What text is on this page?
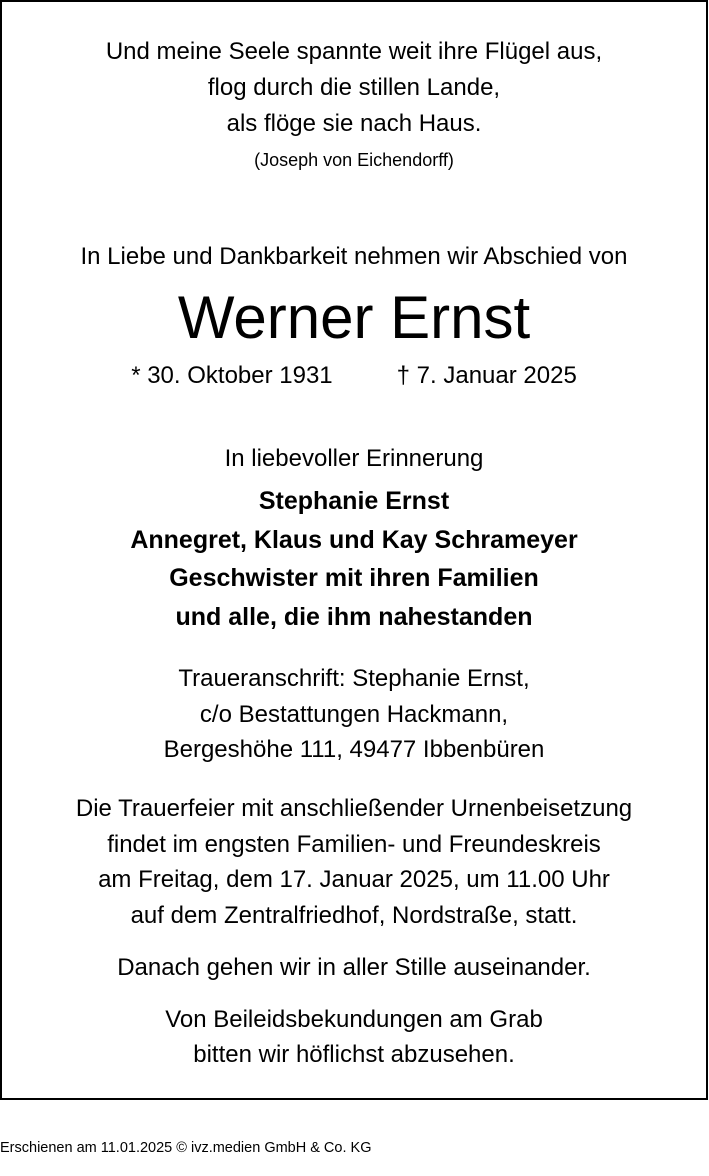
Und meine Seele spannte weit ihre Flügel aus,
flog durch die stillen Lande,
als flöge sie nach Haus.
(Joseph von Eichendorff)
In Liebe und Dankbarkeit nehmen wir Abschied von
Werner Ernst
* 30. Oktober 1931	† 7. Januar 2025
In liebevoller Erinnerung
Stephanie Ernst
Annegret, Klaus und Kay Schrameyer
Geschwister mit ihren Familien
und alle, die ihm nahestanden
Traueranschrift: Stephanie Ernst,
c/o Bestattungen Hackmann,
Bergeshöhe 111, 49477 Ibbenbüren
Die Trauerfeier mit anschließender Urnenbeisetzung
findet im engsten Familien- und Freundeskreis
am Freitag, dem 17. Januar 2025, um 11.00 Uhr
auf dem Zentralfriedhof, Nordstraße, statt.
Danach gehen wir in aller Stille auseinander.
Von Beileidsbekundungen am Grab
bitten wir höflichst abzusehen.
Erschienen am 11.01.2025 © ivz.medien GmbH & Co. KG
